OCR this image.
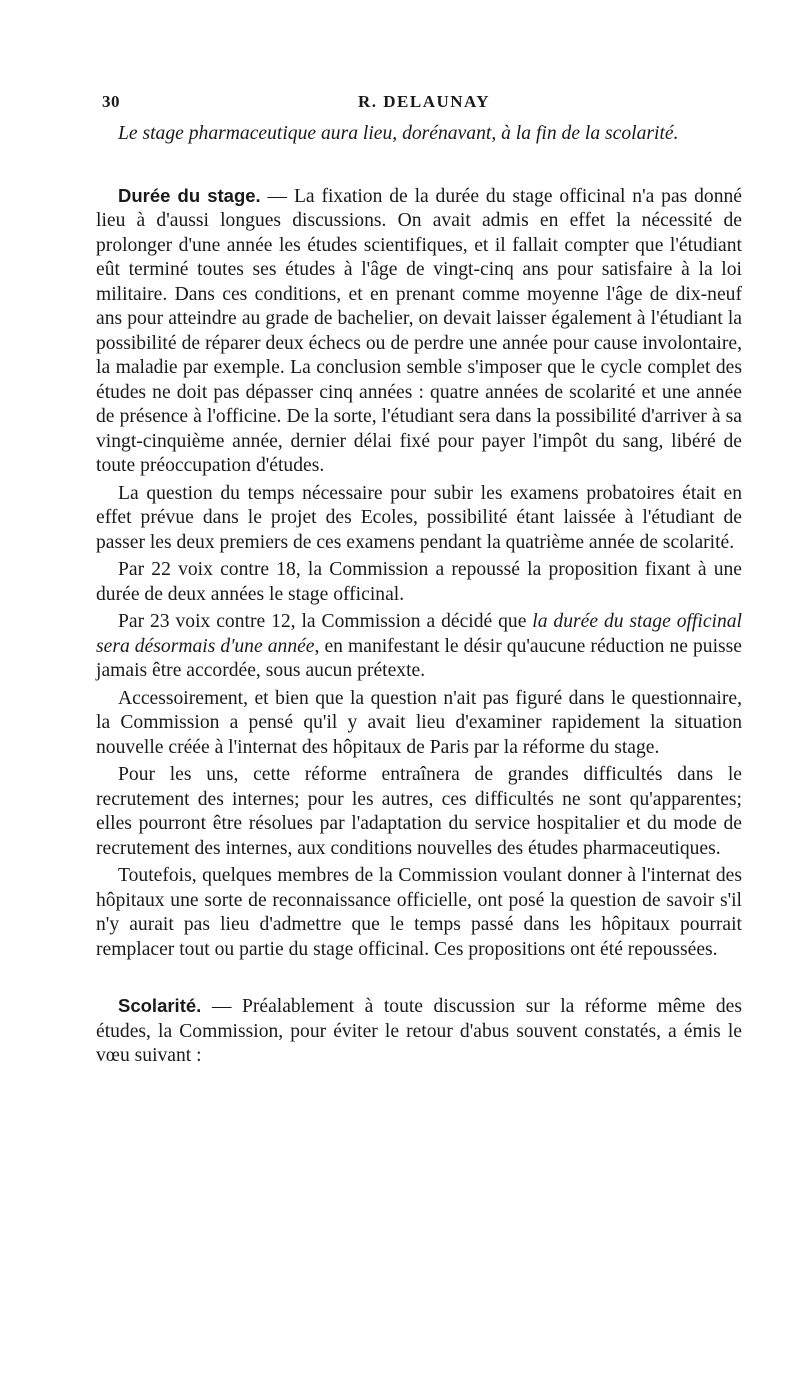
30	R. DELAUNAY

Le stage pharmaceutique aura lieu, dorénavant, à la fin de la scolarité.

Durée du stage. — La fixation de la durée du stage officinal n'a pas donné lieu à d'aussi longues discussions. On avait admis en effet la nécessité de prolonger d'une année les études scientifiques, et il fallait compter que l'étudiant eût terminé toutes ses études à l'âge de vingt-cinq ans pour satisfaire à la loi militaire. Dans ces conditions, et en prenant comme moyenne l'âge de dix-neuf ans pour atteindre au grade de bachelier, on devait laisser également à l'étudiant la possibilité de réparer deux échecs ou de perdre une année pour cause involontaire, la maladie par exemple. La conclusion semble s'imposer que le cycle complet des études ne doit pas dépasser cinq années : quatre années de scolarité et une année de présence à l'officine. De la sorte, l'étudiant sera dans la possibilité d'arriver à sa vingt-cinquième année, dernier délai fixé pour payer l'impôt du sang, libéré de toute préoccupation d'études.

La question du temps nécessaire pour subir les examens probatoires était en effet prévue dans le projet des Ecoles, possibilité étant laissée à l'étudiant de passer les deux premiers de ces examens pendant la quatrième année de scolarité.

Par 22 voix contre 18, la Commission a repoussé la proposition fixant à une durée de deux années le stage officinal.

Par 23 voix contre 12, la Commission a décidé que la durée du stage officinal sera désormais d'une année, en manifestant le désir qu'aucune réduction ne puisse jamais être accordée, sous aucun prétexte.

Accessoirement, et bien que la question n'ait pas figuré dans le questionnaire, la Commission a pensé qu'il y avait lieu d'examiner rapidement la situation nouvelle créée à l'internat des hôpitaux de Paris par la réforme du stage.

Pour les uns, cette réforme entraînera de grandes difficultés dans le recrutement des internes; pour les autres, ces difficultés ne sont qu'apparentes; elles pourront être résolues par l'adaptation du service hospitalier et du mode de recrutement des internes, aux conditions nouvelles des études pharmaceutiques.

Toutefois, quelques membres de la Commission voulant donner à l'internat des hôpitaux une sorte de reconnaissance officielle, ont posé la question de savoir s'il n'y aurait pas lieu d'admettre que le temps passé dans les hôpitaux pourrait remplacer tout ou partie du stage officinal. Ces propositions ont été repoussées.

Scolarité. — Préalablement à toute discussion sur la réforme même des études, la Commission, pour éviter le retour d'abus souvent constatés, a émis le vœu suivant :
